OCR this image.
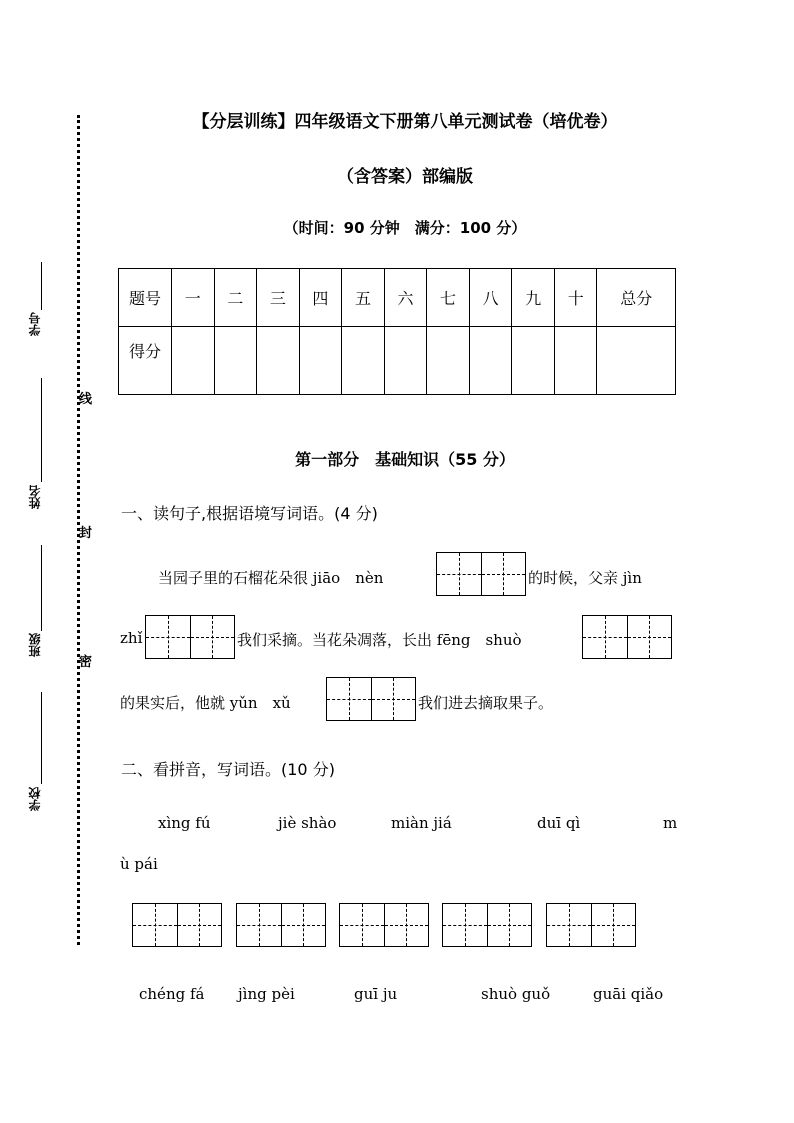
学号
姓名
班级
学校
线
封
密
【分层训练】四年级语文下册第八单元测试卷（培优卷）
（含答案）部编版
（时间：90 分钟　满分：100 分）
题号	一	二	三	四	五	六	七	八	九	十	总分
得分											
第一部分　基础知识（55 分）
一、读句子,根据语境写词语。(4 分)
当园子里的石榴花朵很 jiāo　nèn	的时候，父亲 jìn
zhǐ	我们采摘。当花朵凋落，长出 fēng　shuò
的果实后，他就 yǔn　xǔ	我们进去摘取果子。
二、看拼音，写词语。(10 分)
xìng fú	jiè shào	miàn jiá	duī qì	m
ù pái
chéng fá jìng pèi	guī ju	shuò guǒ	guāi qiǎo
